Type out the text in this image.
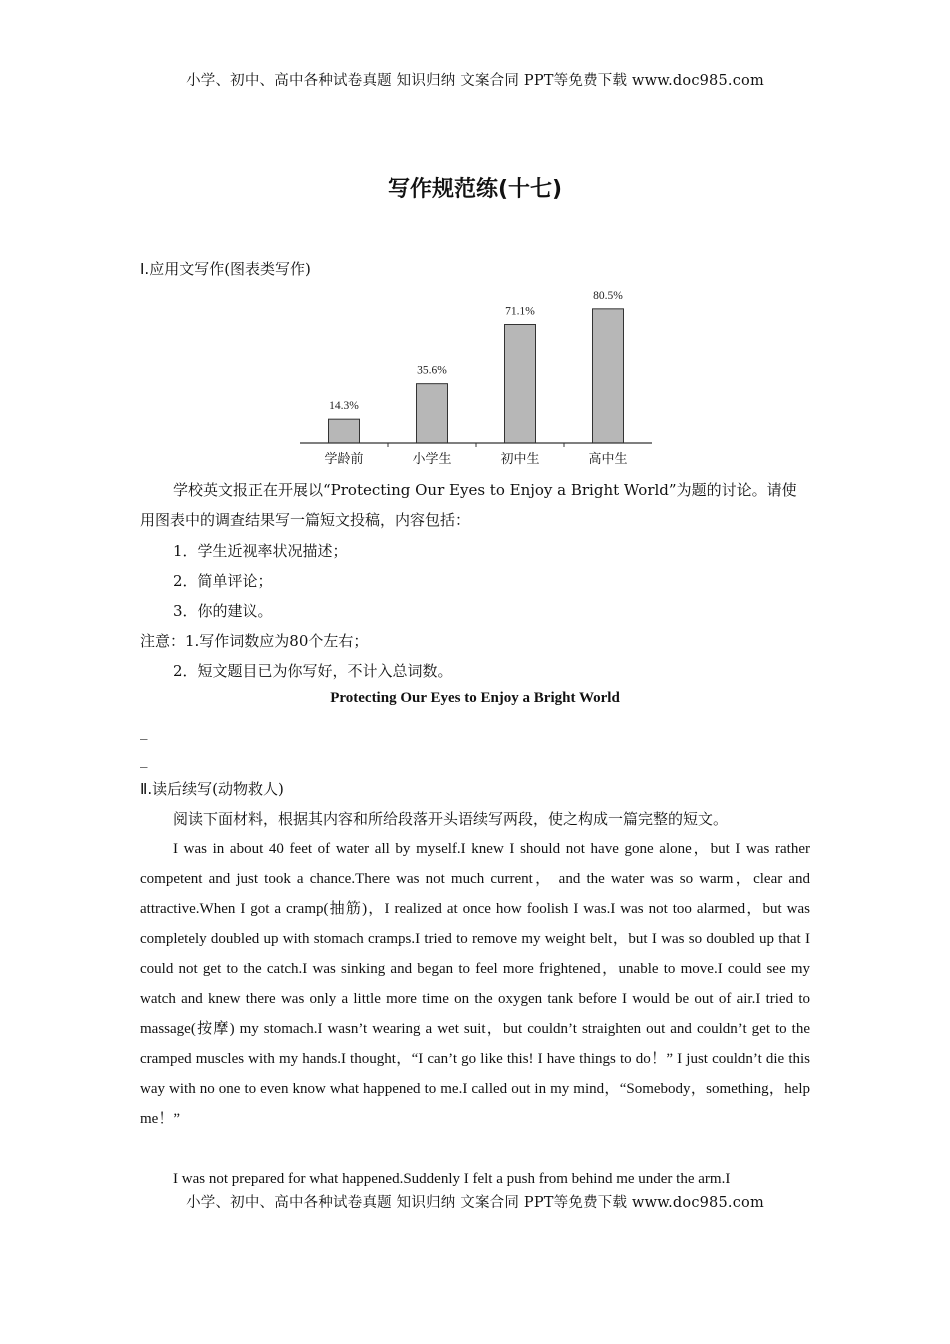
小学、初中、高中各种试卷真题 知识归纳 文案合同 PPT等免费下载 www.doc985.com
写作规范练(十七)
Ⅰ.应用文写作(图表类写作)
14.3%
学龄前
35.6%
小学生
71.1%
初中生
80.5%
高中生
学校英文报正在开展以“Protecting Our Eyes to Enjoy a Bright World”为题的讨论。请使用图表中的调查结果写一篇短文投稿，内容包括：
1．学生近视率状况描述；
2．简单评论；
3．你的建议。
注意：1.写作词数应为80个左右；
2．短文题目已为你写好，不计入总词数。
Protecting Our Eyes to Enjoy a Bright World
_
_
Ⅱ.读后续写(动物救人)
阅读下面材料，根据其内容和所给段落开头语续写两段，使之构成一篇完整的短文。
I was in about 40 feet of water all by myself.I knew I should not have gone alone，but I was rather competent and just took a chance.There was not much current， and the water was so warm，clear and attractive.When I got a cramp(抽筋)，I realized at once how foolish I was.I was not too alarmed，but was completely doubled up with stomach cramps.I tried to remove my weight belt，but I was so doubled up that I could not get to the catch.I was sinking and began to feel more frightened，unable to move.I could see my watch and knew there was only a little more time on the oxygen tank before I would be out of air.I tried to massage(按摩) my stomach.I wasn’t wearing a wet suit，but couldn’t straighten out and couldn’t get to the cramped muscles with my hands.I thought，“I can’t go like this! I have things to do！” I just couldn’t die this way with no one to even know what happened to me.I called out in my mind，“Somebody，something，help me！”
I was not prepared for what happened.Suddenly I felt a push from behind me under the arm.I
小学、初中、高中各种试卷真题 知识归纳 文案合同 PPT等免费下载 www.doc985.com
